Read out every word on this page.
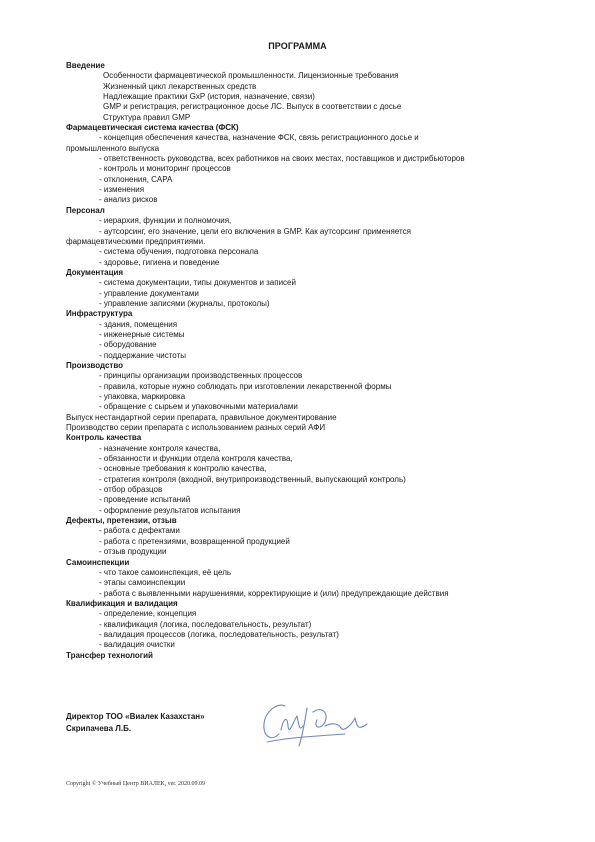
ПРОГРАММА
Введение
Особенности фармацевтической промышленности. Лицензионные требования
Жизненный цикл лекарственных средств
Надлежащие практики GxP (история, назначение, связи)
GMP и регистрация, регистрационное досье ЛС. Выпуск в соответствии с досье
Структура правил GMP
Фармацевтическая система качества (ФСК)
- концепция обеспечения качества, назначение ФСК, связь регистрационного досье и
промышленного выпуска
- ответственность руководства, всех работников на своих местах, поставщиков и дистрибьюторов
- контроль и мониторинг процессов
- отклонения, CAPA
- изменения
- анализ рисков
Персонал
- иерархия, функции и полномочия,
- аутсорсинг, его значение, цели его включения в GMP. Как аутсорсинг применяется
фармацевтическими предприятиями.
- система обучения, подготовка персонала
- здоровье, гигиена и поведение
Документация
- система документации, типы документов и записей
- управление документами
- управление записями (журналы, протоколы)
Инфраструктура
- здания, помещения
- инженерные системы
- оборудование
- поддержание чистоты
Производство
- принципы организации производственных процессов
- правила, которые нужно соблюдать при изготовлении лекарственной формы
- упаковка, маркировка
- обращение с сырьем и упаковочными материалами
Выпуск нестандартной серии препарата, правильное документирование
Производство серии препарата с использованием разных серий АФИ
Контроль качества
- назначение контроля качества,
- обязанности и функции отдела контроля качества,
- основные требования к контролю качества,
- стратегия контроля (входной, внутрипроизводственный, выпускающий контроль)
- отбор образцов
- проведение испытаний
- оформление результатов испытания
Дефекты, претензии, отзыв
- работа с дефектами
- работа с претензиями, возвращенной продукцией
- отзыв продукции
Самоинспекции
- что такое самоинспекция, её цель
- этапы самоинспекции
- работа с выявленными нарушениями, корректирующие и (или) предупреждающие действия
Квалификация и валидация
- определение, концепция
- квалификация (логика, последовательность, результат)
- валидация процессов (логика, последовательность, результат)
- валидация очистки
Трансфер технологий
Директор ТОО «Виалек Казахстан»
Скрипачева Л.Б.
Copyright © Учебный Центр ВИАЛЕК, ver. 2020.09.09
